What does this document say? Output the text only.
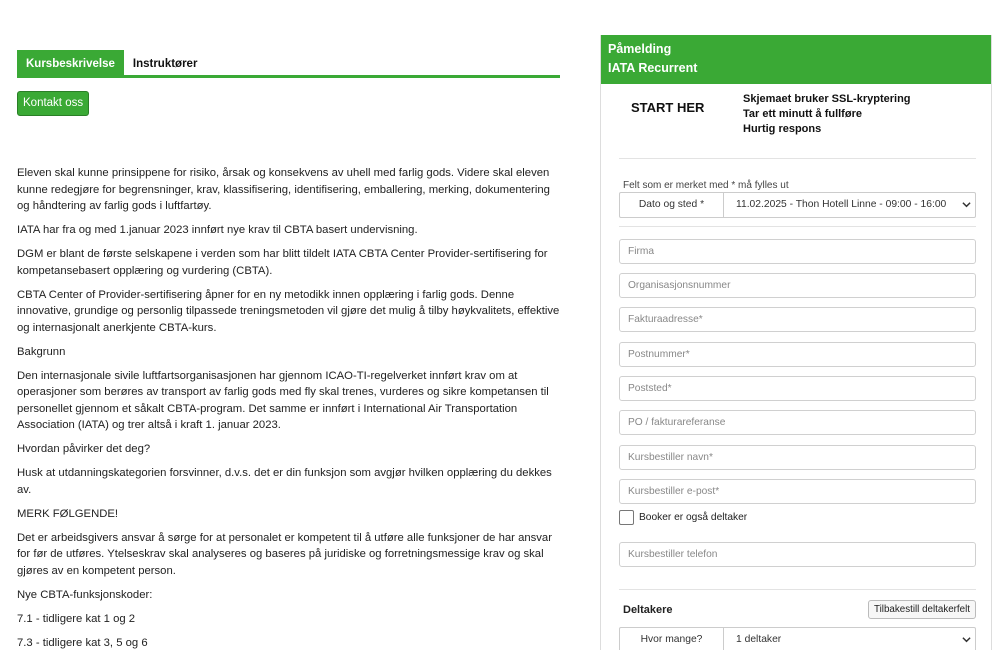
Kursbeskrivelse	Instruktører
Kontakt oss

Eleven skal kunne prinsippene for risiko, årsak og konsekvens av uhell med farlig gods. Videre skal eleven kunne redegjøre for begrensninger, krav, klassifisering, identifisering, emballering, merking, dokumentering og håndtering av farlig gods i luftfartøy.

IATA har fra og med 1.januar 2023 innført nye krav til CBTA basert undervisning.

DGM er blant de første selskapene i verden som har blitt tildelt IATA CBTA Center Provider-sertifisering for kompetansebasert opplæring og vurdering (CBTA).

CBTA Center of Provider-sertifisering åpner for en ny metodikk innen opplæring i farlig gods. Denne innovative, grundige og personlig tilpassede treningsmetoden vil gjøre det mulig å tilby høykvalitets, effektive og internasjonalt anerkjente CBTA-kurs.

Bakgrunn

Den internasjonale sivile luftfartsorganisasjonen har gjennom ICAO-TI-regelverket innført krav om at operasjoner som berøres av transport av farlig gods med fly skal trenes, vurderes og sikre kompetansen til personellet gjennom et såkalt CBTA-program. Det samme er innført i International Air Transportation Association (IATA) og trer altså i kraft 1. januar 2023.

Hvordan påvirker det deg?

Husk at utdanningskategorien forsvinner, d.v.s. det er din funksjon som avgjør hvilken opplæring du dekkes av.

MERK FØLGENDE!

Det er arbeidsgivers ansvar å sørge for at personalet er kompetent til å utføre alle funksjoner de har ansvar for før de utføres. Ytelseskrav skal analyseres og baseres på juridiske og forretningsmessige krav og skal gjøres av en kompetent person.

Nye CBTA-funksjonskoder:

7.1 - tidligere kat 1 og 2

7.3 - tidligere kat 3, 5 og 6

Påmelding
IATA Recurrent
START HER
Skjemaet bruker SSL-kryptering
Tar ett minutt å fullføre
Hurtig respons
Felt som er merket med * må fylles ut
Dato og sted *	11.02.2025 - Thon Hotell Linne - 09:00 - 16:00
Firma
Organisasjonsnummer
Fakturaadresse*
Postnummer*
Poststed*
PO / fakturareferanse
Kursbestiller navn*
Kursbestiller e-post*
Booker er også deltaker
Kursbestiller telefon
Deltakere	Tilbakestill deltakerfelt
Hvor mange?	1 deltaker
